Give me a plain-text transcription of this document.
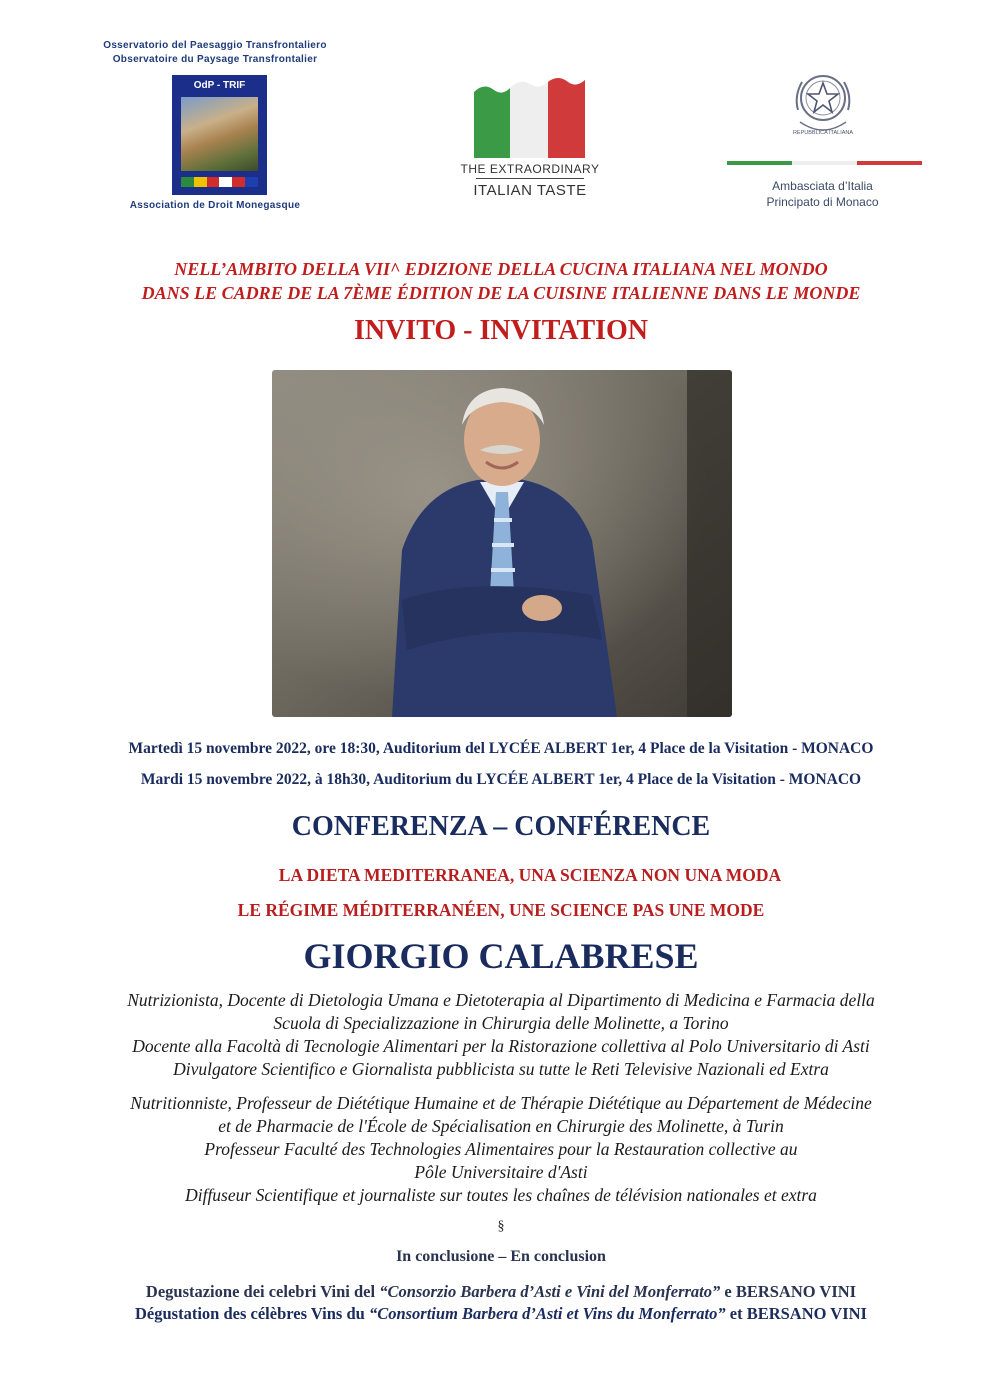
Osservatorio del Paesaggio Transfrontaliero
Observatoire du Paysage Transfrontalier
OdP - TRIF
Association de Droit Monegasque
THE EXTRAORDINARY
ITALIAN TASTE
REPUBBLICA ITALIANA
Ambasciata d’Italia
Principato di Monaco
NELL’AMBITO DELLA VII^ EDIZIONE DELLA CUCINA ITALIANA NEL MONDO
DANS LE CADRE DE LA 7ÈME ÉDITION DE LA CUISINE ITALIENNE DANS LE MONDE
INVITO - INVITATION
Martedì 15 novembre 2022, ore 18:30, Auditorium del LYCÉE ALBERT 1er, 4 Place de la Visitation - MONACO
Mardi 15 novembre 2022, à 18h30, Auditorium du LYCÉE ALBERT 1er, 4 Place de la Visitation - MONACO
CONFERENZA – CONFÉRENCE
LA DIETA MEDITERRANEA, UNA SCIENZA NON UNA MODA
LE RÉGIME MÉDITERRANÉEN, UNE SCIENCE PAS UNE MODE
GIORGIO CALABRESE
Nutrizionista, Docente di Dietologia Umana e Dietoterapia al Dipartimento di Medicina e Farmacia della
Scuola di Specializzazione in Chirurgia delle Molinette, a Torino
Docente alla Facoltà di Tecnologie Alimentari per la Ristorazione collettiva al Polo Universitario di Asti
Divulgatore Scientifico e Giornalista pubblicista su tutte le Reti Televisive Nazionali ed Extra
Nutritionniste, Professeur de Diététique Humaine et de Thérapie Diététique au Département de Médecine
et de Pharmacie de l'École de Spécialisation en Chirurgie des Molinette, à Turin
Professeur Faculté des Technologies Alimentaires pour la Restauration collective au
Pôle Universitaire d'Asti
Diffuseur Scientifique et journaliste sur toutes les chaînes de télévision nationales et extra
§
In conclusione – En conclusion
Degustazione dei celebri Vini del “Consorzio Barbera d’Asti e Vini del Monferrato” e BERSANO VINI
Dégustation des célèbres Vins du “Consortium Barbera d’Asti et Vins du Monferrato” et BERSANO VINI
